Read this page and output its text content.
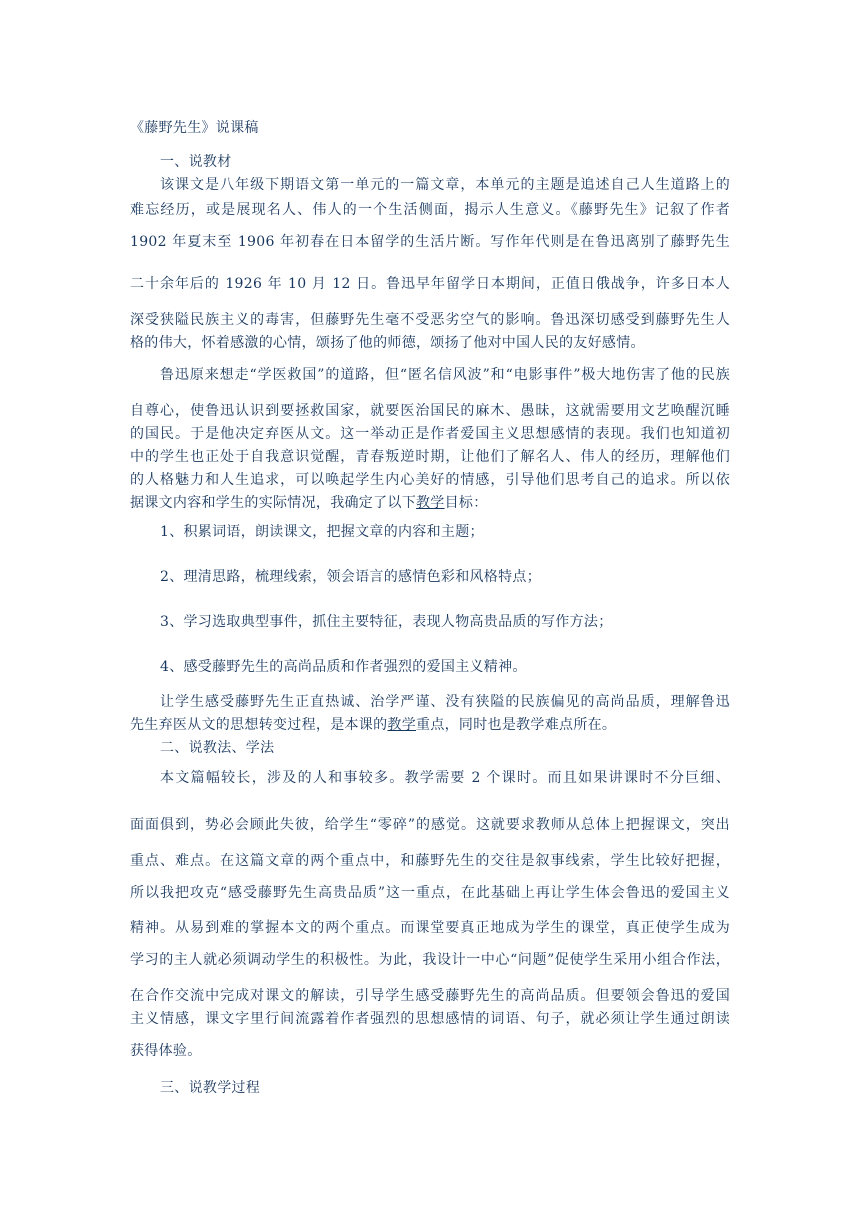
《藤野先生》说课稿
一、说教材
该课文是八年级下期语文第一单元的一篇文章，本单元的主题是追述自己人生道路上的
难忘经历，或是展现名人、伟人的一个生活侧面，揭示人生意义。《藤野先生》记叙了作者
1902 年夏末至 1906 年初春在日本留学的生活片断。写作年代则是在鲁迅离别了藤野先生
二十余年后的 1926 年 10 月 12 日。鲁迅早年留学日本期间，正值日俄战争，许多日本人
深受狭隘民族主义的毒害，但藤野先生毫不受恶劣空气的影响。鲁迅深切感受到藤野先生人
格的伟大，怀着感激的心情，颂扬了他的师德，颂扬了他对中国人民的友好感情。
鲁迅原来想走“学医救国”的道路，但“匿名信风波”和“电影事件”极大地伤害了他的民族
自尊心，使鲁迅认识到要拯救国家，就要医治国民的麻木、愚昧，这就需要用文艺唤醒沉睡
的国民。于是他决定弃医从文。这一举动正是作者爱国主义思想感情的表现。我们也知道初
中的学生也正处于自我意识觉醒，青春叛逆时期，让他们了解名人、伟人的经历，理解他们
的人格魅力和人生追求，可以唤起学生内心美好的情感，引导他们思考自己的追求。所以依
据课文内容和学生的实际情况，我确定了以下教学目标：
1、积累词语，朗读课文，把握文章的内容和主题；
2、理清思路，梳理线索，领会语言的感情色彩和风格特点；
3、学习选取典型事件，抓住主要特征，表现人物高贵品质的写作方法；
4、感受藤野先生的高尚品质和作者强烈的爱国主义精神。
让学生感受藤野先生正直热诚、治学严谨、没有狭隘的民族偏见的高尚品质，理解鲁迅
先生弃医从文的思想转变过程，是本课的教学重点，同时也是教学难点所在。
二、说教法、学法
本文篇幅较长，涉及的人和事较多。教学需要 2 个课时。而且如果讲课时不分巨细、
面面俱到，势必会顾此失彼，给学生“零碎”的感觉。这就要求教师从总体上把握课文，突出
重点、难点。在这篇文章的两个重点中，和藤野先生的交往是叙事线索，学生比较好把握，
所以我把攻克“感受藤野先生高贵品质”这一重点，在此基础上再让学生体会鲁迅的爱国主义
精神。从易到难的掌握本文的两个重点。而课堂要真正地成为学生的课堂，真正使学生成为
学习的主人就必须调动学生的积极性。为此，我设计一中心“问题”促使学生采用小组合作法，
在合作交流中完成对课文的解读，引导学生感受藤野先生的高尚品质。但要领会鲁迅的爱国
主义情感，课文字里行间流露着作者强烈的思想感情的词语、句子，就必须让学生通过朗读
获得体验。
三、说教学过程
